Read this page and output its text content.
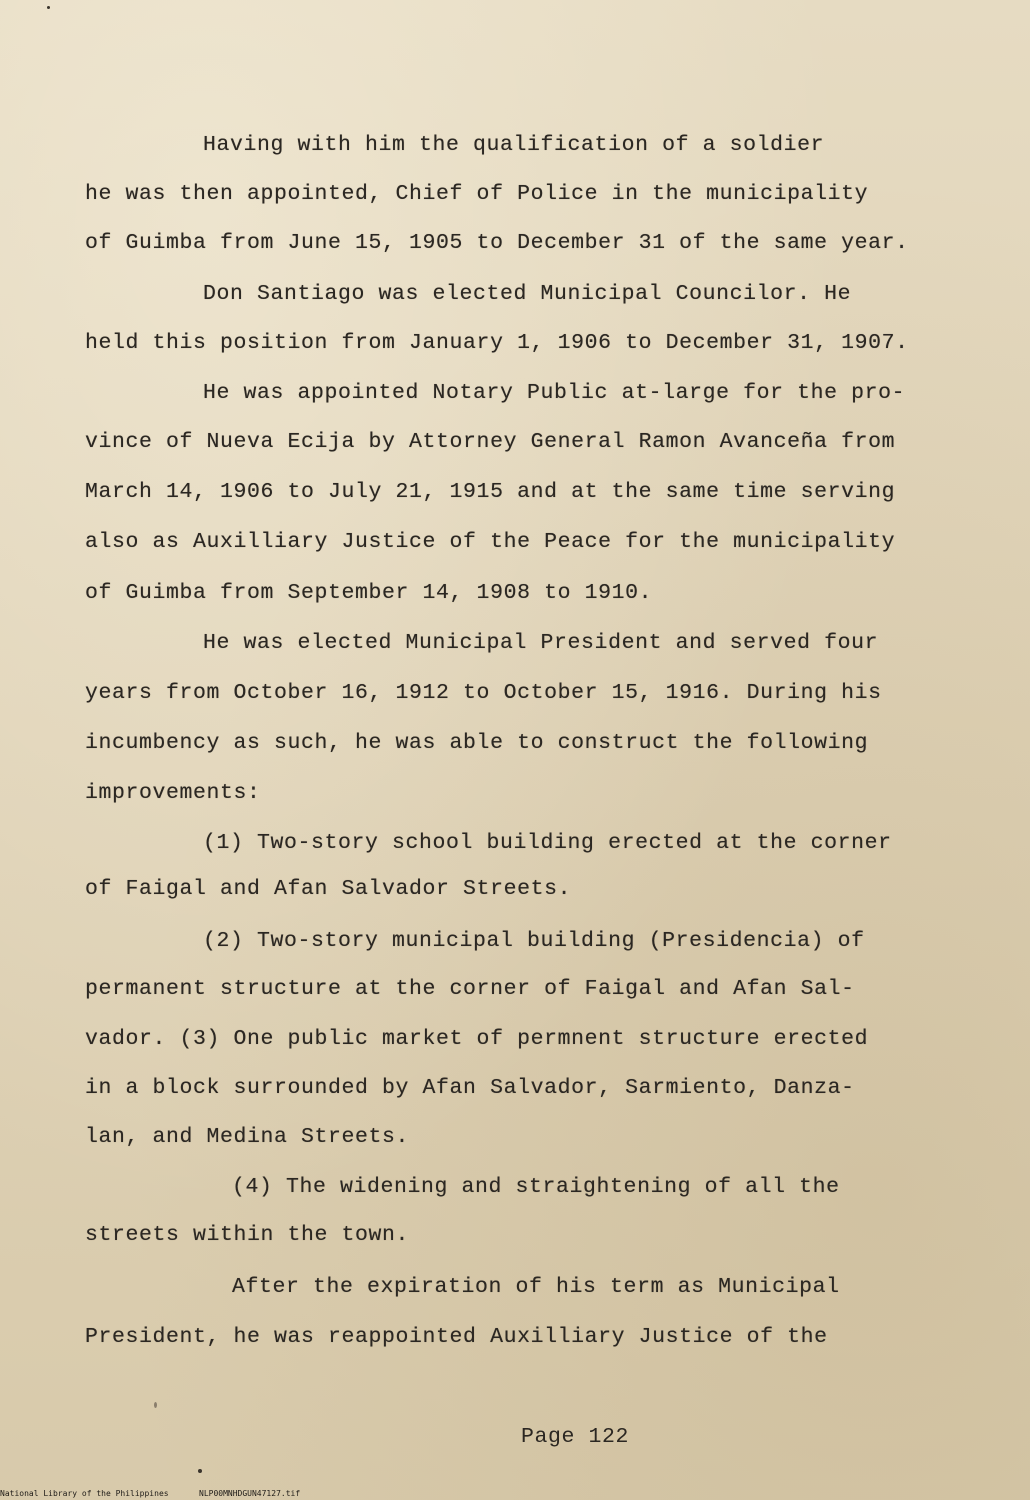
Having with him the qualification of a soldier
he was then appointed, Chief of Police in the municipality
of Guimba from June 15, 1905 to December 31 of the same year.
Don Santiago was elected Municipal Councilor. He
held this position from January 1, 1906 to December 31, 1907.
He was appointed Notary Public at-large for the pro-
vince of Nueva Ecija by Attorney General Ramon Avanceña from
March 14, 1906 to July 21, 1915 and at the same time serving
also as Auxilliary Justice of the Peace for the municipality
of Guimba from September 14, 1908 to 1910.
He was elected Municipal President and served four
years from October 16, 1912 to October 15, 1916. During his
incumbency as such, he was able to construct the following
improvements:
(1) Two-story school building erected at the corner
of Faigal and Afan Salvador Streets.
(2) Two-story municipal building (Presidencia) of
permanent structure at the corner of Faigal and Afan Sal-
vador. (3) One public market of permnent structure erected
in a block surrounded by Afan Salvador, Sarmiento, Danza-
lan, and Medina Streets.
(4) The widening and straightening of all the
streets within the town.
After the expiration of his term as Municipal
President, he was reappointed Auxilliary Justice of the
Page 122
National Library of the Philippines	NLP00MNHDGUN47127.tif
